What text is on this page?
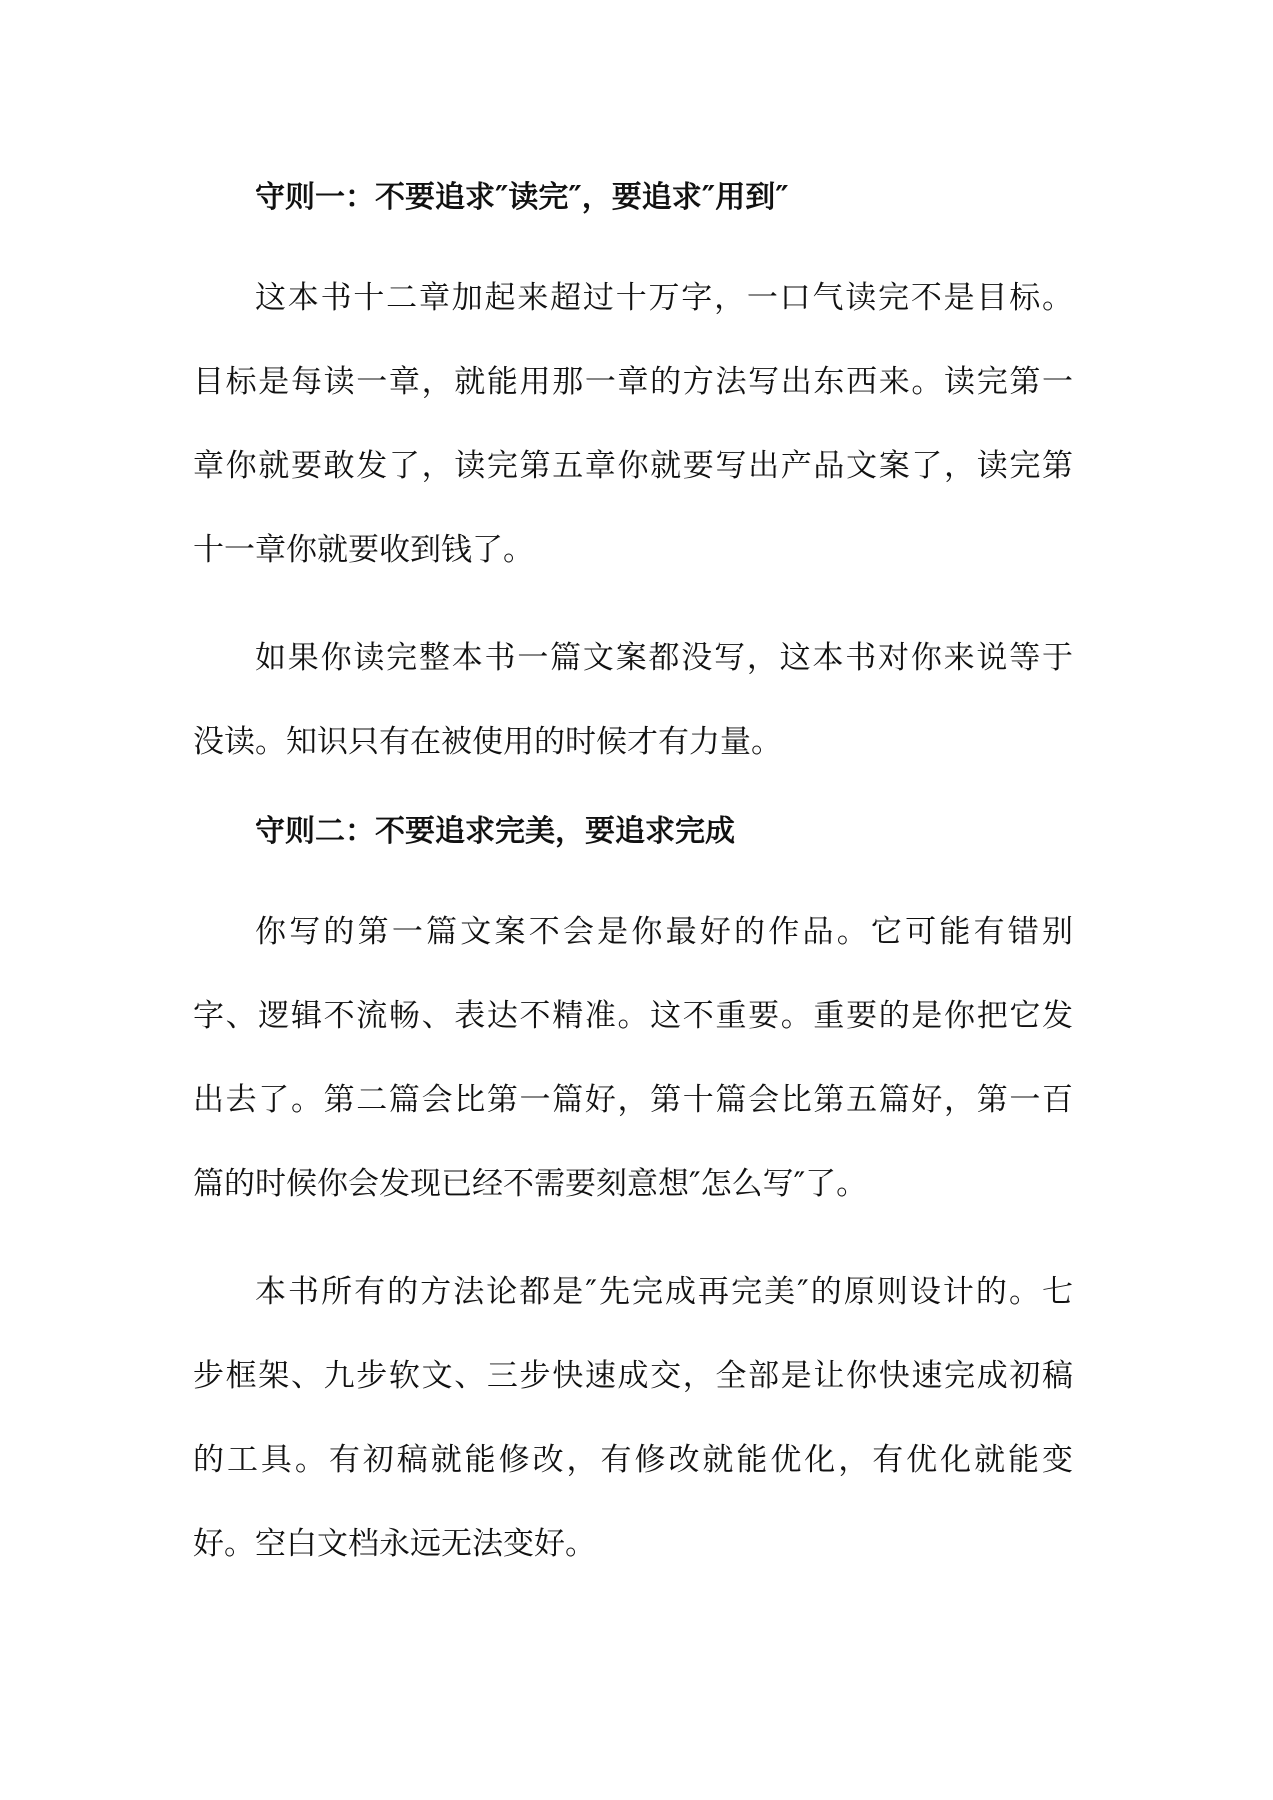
守则一：不要追求″读完″，要追求″用到″
这本书十二章加起来超过十万字，一口气读完不是目标。
目标是每读一章，就能用那一章的方法写出东西来。读完第一
章你就要敢发了，读完第五章你就要写出产品文案了，读完第
十一章你就要收到钱了。
如果你读完整本书一篇文案都没写，这本书对你来说等于
没读。知识只有在被使用的时候才有力量。
守则二：不要追求完美，要追求完成
你写的第一篇文案不会是你最好的作品。它可能有错别
字、逻辑不流畅、表达不精准。这不重要。重要的是你把它发
出去了。第二篇会比第一篇好，第十篇会比第五篇好，第一百
篇的时候你会发现已经不需要刻意想″怎么写″了。
本书所有的方法论都是″先完成再完美″的原则设计的。七
步框架、九步软文、三步快速成交，全部是让你快速完成初稿
的工具。有初稿就能修改，有修改就能优化，有优化就能变
好。空白文档永远无法变好。
